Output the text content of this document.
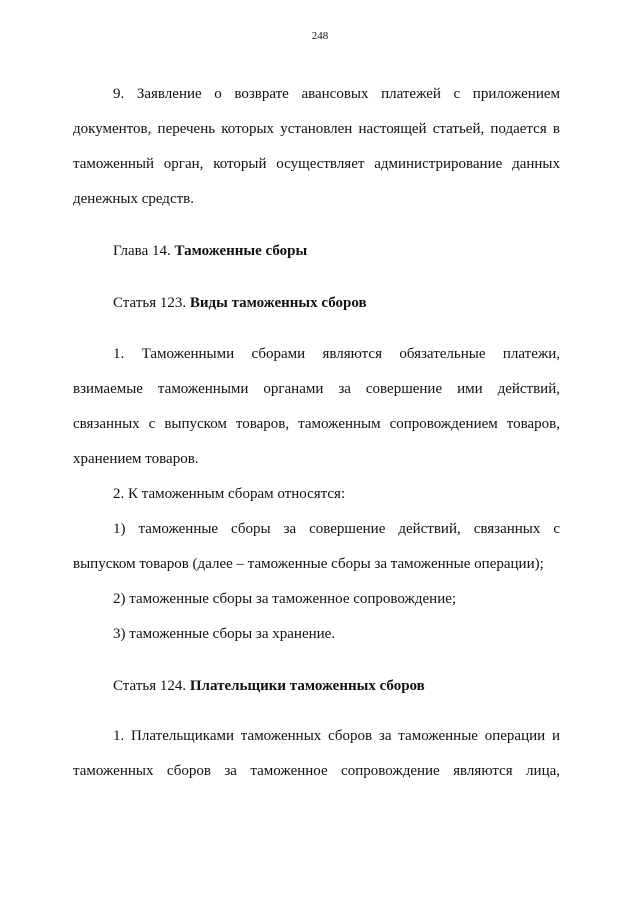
248
9. Заявление о возврате авансовых платежей с приложением
документов, перечень которых установлен настоящей статьей, подается в
таможенный орган, который осуществляет администрирование данных
денежных средств.
Глава 14. Таможенные сборы
Статья 123. Виды таможенных сборов
1. Таможенными сборами являются обязательные платежи,
взимаемые таможенными органами за совершение ими действий,
связанных с выпуском товаров, таможенным сопровождением товаров,
хранением товаров.
2. К таможенным сборам относятся:
1) таможенные сборы за совершение действий, связанных с
выпуском товаров (далее – таможенные сборы за таможенные операции);
2) таможенные сборы за таможенное сопровождение;
3) таможенные сборы за хранение.
Статья 124. Плательщики таможенных сборов
1. Плательщиками таможенных сборов за таможенные операции и
таможенных сборов за таможенное сопровождение являются лица,
